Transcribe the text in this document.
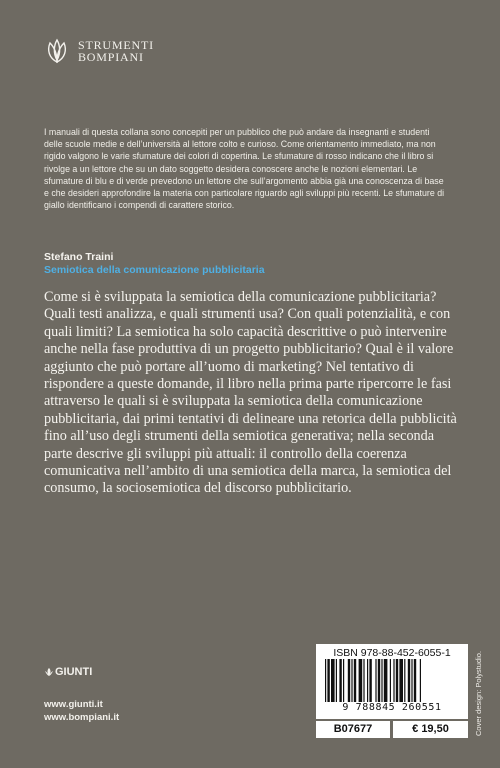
STRUMENTI
BOMPIANI

I manuali di questa collana sono concepiti per un pubblico che può andare da insegnanti e studenti delle scuole medie e dell’università al lettore colto e curioso. Come orientamento immediato, ma non rigido valgono le varie sfumature dei colori di copertina. Le sfumature di rosso indicano che il libro si rivolge a un lettore che su un dato soggetto desidera conoscere anche le nozioni elementari. Le sfumature di blu e di verde prevedono un lettore che sull’argomento abbia già una conoscenza di base e che desideri approfondire la materia con particolare riguardo agli sviluppi più recenti. Le sfumature di giallo identificano i compendi di carattere storico.

Stefano Traini
Semiotica della comunicazione pubblicitaria

Come si è sviluppata la semiotica della comunicazione pubblicitaria? Quali testi analizza, e quali strumenti usa? Con quali potenzialità, e con quali limiti? La semiotica ha solo capacità descrittive o può intervenire anche nella fase produttiva di un progetto pubblicitario? Qual è il valore aggiunto che può portare all’uomo di marketing? Nel tentativo di rispondere a queste domande, il libro nella prima parte ripercorre le fasi attraverso le quali si è sviluppata la semiotica della comunicazione pubblicitaria, dai primi tentativi di delineare una retorica della pubblicità fino all’uso degli strumenti della semiotica generativa; nella seconda parte descrive gli sviluppi più attuali: il controllo della coerenza comunicativa nell’ambito di una semiotica della marca, la semiotica del consumo, la sociosemiotica del discorso pubblicitario.

GIUNTI
www.giunti.it
www.bompiani.it
ISBN 978-88-452-6055-1
9 788845 260551
B07677	€ 19,50	Cover design: Polystudio.
